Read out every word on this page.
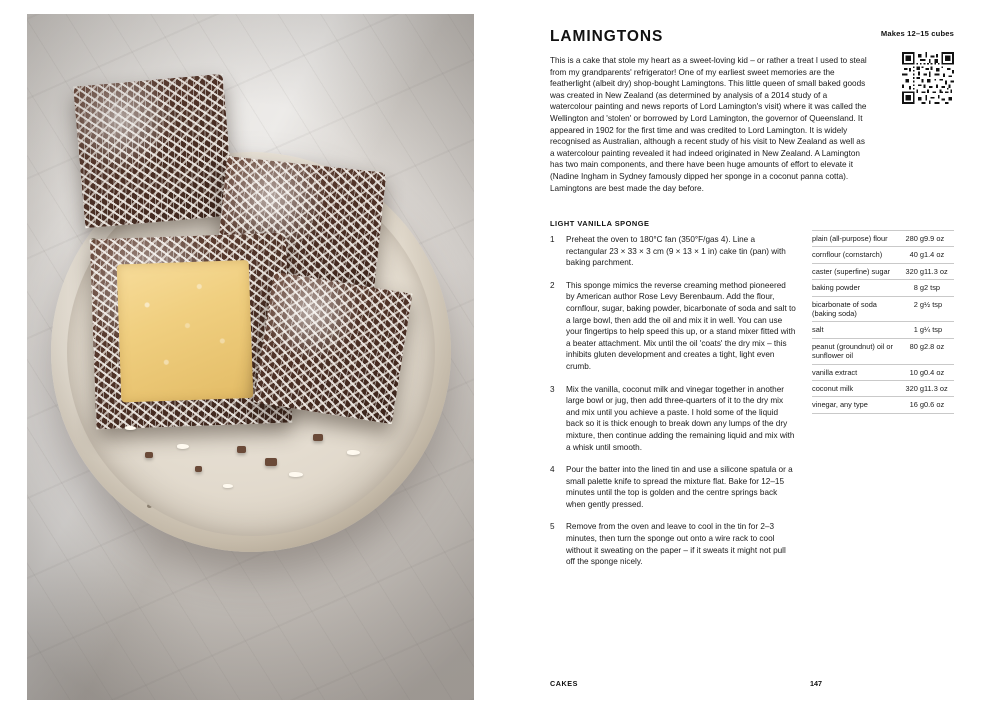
LAMINGTONS	Makes 12–15 cubes
This is a cake that stole my heart as a sweet-loving kid – or rather a treat I used to steal from my grandparents' refrigerator! One of my earliest sweet memories are the featherlight (albeit dry) shop-bought Lamingtons. This little queen of small baked goods was created in New Zealand (as determined by analysis of a 2014 study of a watercolour painting and news reports of Lord Lamington's visit) where it was called the Wellington and 'stolen' or borrowed by Lord Lamington, the governor of Queensland. It appeared in 1902 for the first time and was credited to Lord Lamington. It is widely recognised as Australian, although a recent study of his visit to New Zealand as well as a watercolour painting revealed it had indeed originated in New Zealand. A Lamington has two main components, and there have been huge amounts of effort to elevate it (Nadine Ingham in Sydney famously dipped her sponge in a coconut panna cotta). Lamingtons are best made the day before.
LIGHT VANILLA SPONGE
1	Preheat the oven to 180°C fan (350°F/gas 4). Line a rectangular 23 × 33 × 3 cm (9 × 13 × 1 in) cake tin (pan) with baking parchment.
2	This sponge mimics the reverse creaming method pioneered by American author Rose Levy Berenbaum. Add the flour, cornflour, sugar, baking powder, bicarbonate of soda and salt to a large bowl, then add the oil and mix it in well. You can use your fingertips to help speed this up, or a stand mixer fitted with a beater attachment. Mix until the oil 'coats' the dry mix – this inhibits gluten development and creates a tight, light even crumb.
3	Mix the vanilla, coconut milk and vinegar together in another large bowl or jug, then add three-quarters of it to the dry mix and mix until you achieve a paste. I hold some of the liquid back so it is thick enough to break down any lumps of the dry mixture, then continue adding the remaining liquid and mix with a whisk until smooth.
4	Pour the batter into the lined tin and use a silicone spatula or a small palette knife to spread the mixture flat. Bake for 12–15 minutes until the top is golden and the centre springs back when gently pressed.
5	Remove from the oven and leave to cool in the tin for 2–3 minutes, then turn the sponge out onto a wire rack to cool without it sweating on the paper – if it sweats it might not pull off the sponge nicely.
plain (all-purpose) flour	280 g	9.9 oz
cornflour (cornstarch)	40 g	1.4 oz
caster (superfine) sugar	320 g	11.3 oz
baking powder	8 g	2 tsp
bicarbonate of soda (baking soda)	2 g	½ tsp
salt	1 g	¼ tsp
peanut (groundnut) oil or sunflower oil	80 g	2.8 oz
vanilla extract	10 g	0.4 oz
coconut milk	320 g	11.3 oz
vinegar, any type	16 g	0.6 oz
CAKES	147
